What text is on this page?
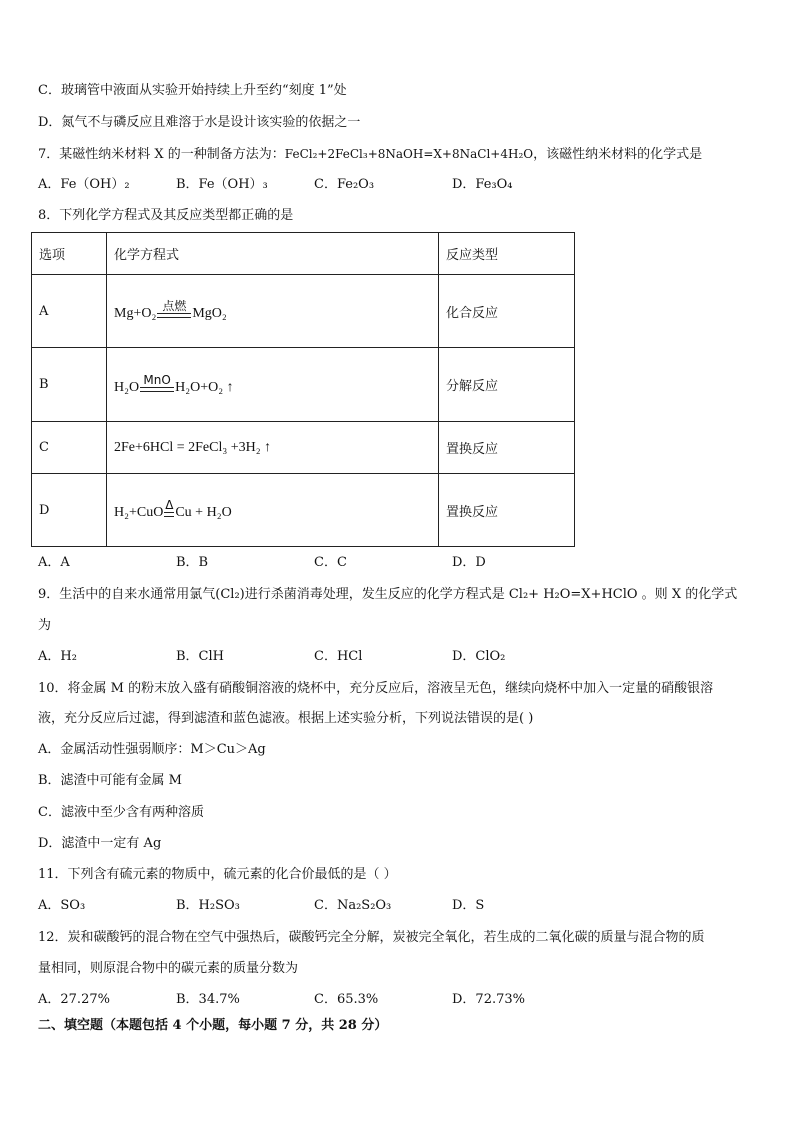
C．玻璃管中液面从实验开始持续上升至约“刻度 1”处
D．氮气不与磷反应且难溶于水是设计该实验的依据之一
7．某磁性纳米材料 X 的一种制备方法为：FeCl₂+2FeCl₃+8NaOH=X+8NaCl+4H₂O，该磁性纳米材料的化学式是
A．Fe（OH）₂	B．Fe（OH）₃	C．Fe₂O₃	D．Fe₃O₄
8．下列化学方程式及其反应类型都正确的是
选项	化学方程式	反应类型
A	Mg+O₂ 点燃 MgO₂	化合反应
B	H₂O MnO H₂O+O₂ ↑	分解反应
C	2Fe+6HCl = 2FeCl₃ +3H₂ ↑	置换反应
D	H₂+CuO Δ Cu + H₂O	置换反应
A．A	B．B	C．C	D．D
9．生活中的自来水通常用氯气(Cl₂)进行杀菌消毒处理，发生反应的化学方程式是 Cl₂+ H₂O=X+HClO 。则 X 的化学式
为
A．H₂	B．ClH	C．HCl	D．ClO₂
10．将金属 M 的粉末放入盛有硝酸铜溶液的烧杯中，充分反应后，溶液呈无色，继续向烧杯中加入一定量的硝酸银溶
液，充分反应后过滤，得到滤渣和蓝色滤液。根据上述实验分析，下列说法错误的是( )
A．金属活动性强弱顺序：M＞Cu＞Ag
B．滤渣中可能有金属 M
C．滤液中至少含有两种溶质
D．滤渣中一定有 Ag
11．下列含有硫元素的物质中，硫元素的化合价最低的是（ ）
A．SO₃	B．H₂SO₃	C．Na₂S₂O₃	D．S
12．炭和碳酸钙的混合物在空气中强热后，碳酸钙完全分解，炭被完全氧化，若生成的二氧化碳的质量与混合物的质
量相同，则原混合物中的碳元素的质量分数为
A．27.27%	B．34.7%	C．65.3%	D．72.73%
二、填空题（本题包括 4 个小题，每小题 7 分，共 28 分）
